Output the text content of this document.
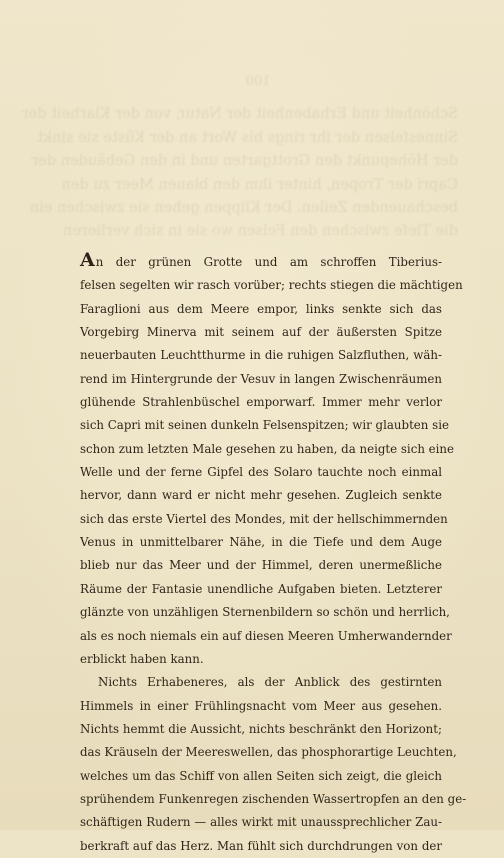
100
Schönheit und Erhabenheit der Natur, von der Klarheit der
Sinnesfelsen der ihr rings bis Wort an der Küste sie sinkt
der Höhepunkt den Grottgarten und in den Gebäuden der
Capri der Tropen, hinter ihm den blauen Meer zu den
beschauenden Zeilen. Der Klippen gehen sie zwischen ein
die Tiefe zwischen den Felsen wo sie in sich verlieren
An der grünen Grotte und am schroffen Tiberius-
felsen segelten wir rasch vorüber; rechts stiegen die mächtigen
Faraglioni aus dem Meere empor, links senkte sich das
Vorgebirg Minerva mit seinem auf der äußersten Spitze
neuerbauten Leuchtthurme in die ruhigen Salzfluthen, wäh-
rend im Hintergrunde der Vesuv in langen Zwischenräumen
glühende Strahlenbüschel emporwarf. Immer mehr verlor
sich Capri mit seinen dunkeln Felsenspitzen; wir glaubten sie
schon zum letzten Male gesehen zu haben, da neigte sich eine
Welle und der ferne Gipfel des Solaro tauchte noch einmal
hervor, dann ward er nicht mehr gesehen. Zugleich senkte
sich das erste Viertel des Mondes, mit der hellschimmernden
Venus in unmittelbarer Nähe, in die Tiefe und dem Auge
blieb nur das Meer und der Himmel, deren unermeßliche
Räume der Fantasie unendliche Aufgaben bieten. Letzterer
glänzte von unzähligen Sternenbildern so schön und herrlich,
als es noch niemals ein auf diesen Meeren Umherwandernder
erblickt haben kann.
Nichts Erhabeneres, als der Anblick des gestirnten
Himmels in einer Frühlingsnacht vom Meer aus gesehen.
Nichts hemmt die Aussicht, nichts beschränkt den Horizont;
das Kräuseln der Meereswellen, das phosphorartige Leuchten,
welches um das Schiff von allen Seiten sich zeigt, die gleich
sprühendem Funkenregen zischenden Wassertropfen an den ge-
schäftigen Rudern — alles wirkt mit unaussprechlicher Zau-
berkraft auf das Herz. Man fühlt sich durchdrungen von der
